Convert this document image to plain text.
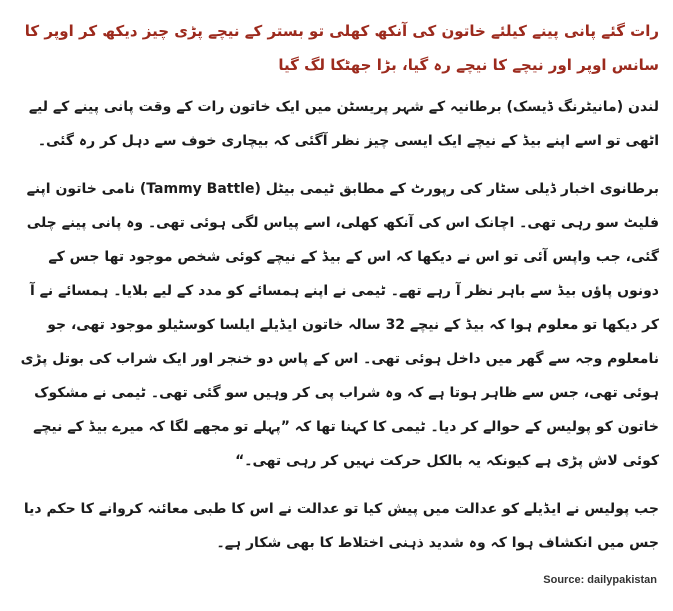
رات گئے پانی پینے کیلئے خاتون کی آنکھ کھلی تو بستر کے نیچے پڑی چیز دیکھ کر اوپر کا سانس اوپر اور نیچے کا نیچے رہ گیا، بڑا جھٹکا لگ گیا
لندن (مانیٹرنگ ڈیسک) برطانیہ کے شہر پریسٹن میں ایک خاتون رات کے وقت پانی پینے کے لیے اٹھی تو اسے اپنے بیڈ کے نیچے ایک ایسی چیز نظر آگئی کہ بیچاری خوف سے دہل کر رہ گئی۔
برطانوی اخبار ڈیلی سٹار کی رپورٹ کے مطابق ٹیمی بیٹل (Tammy Battle) نامی خاتون اپنے فلیٹ سو رہی تھی۔ اچانک اس کی آنکھ کھلی، اسے پیاس لگی ہوئی تھی۔ وہ پانی پینے چلی گئی، جب واپس آئی تو اس نے دیکھا کہ اس کے بیڈ کے نیچے کوئی شخص موجود تھا جس کے دونوں پاؤں بیڈ سے باہر نظر آ رہے تھے۔ ٹیمی نے اپنے ہمسائے کو مدد کے لیے بلایا۔ ہمسائے نے آ کر دیکھا تو معلوم ہوا کہ بیڈ کے نیچے 32 سالہ خاتون ایڈیلے ایلسا کوسٹیلو موجود تھی، جو نامعلوم وجہ سے گھر میں داخل ہوئی تھی۔ اس کے پاس دو خنجر اور ایک شراب کی بوتل پڑی ہوئی تھی، جس سے ظاہر ہوتا ہے کہ وہ شراب پی کر وہیں سو گئی تھی۔ ٹیمی نے مشکوک خاتون کو پولیس کے حوالے کر دیا۔ ٹیمی کا کہنا تھا کہ ”پہلے تو مجھے لگا کہ میرے بیڈ کے نیچے کوئی لاش پڑی ہے کیونکہ یہ بالکل حرکت نہیں کر رہی تھی۔“
جب پولیس نے ایڈیلے کو عدالت میں پیش کیا تو عدالت نے اس کا طبی معائنہ کروانے کا حکم دیا جس میں انکشاف ہوا کہ وہ شدید ذہنی اختلاط کا بھی شکار ہے۔
Source: dailypakistan
